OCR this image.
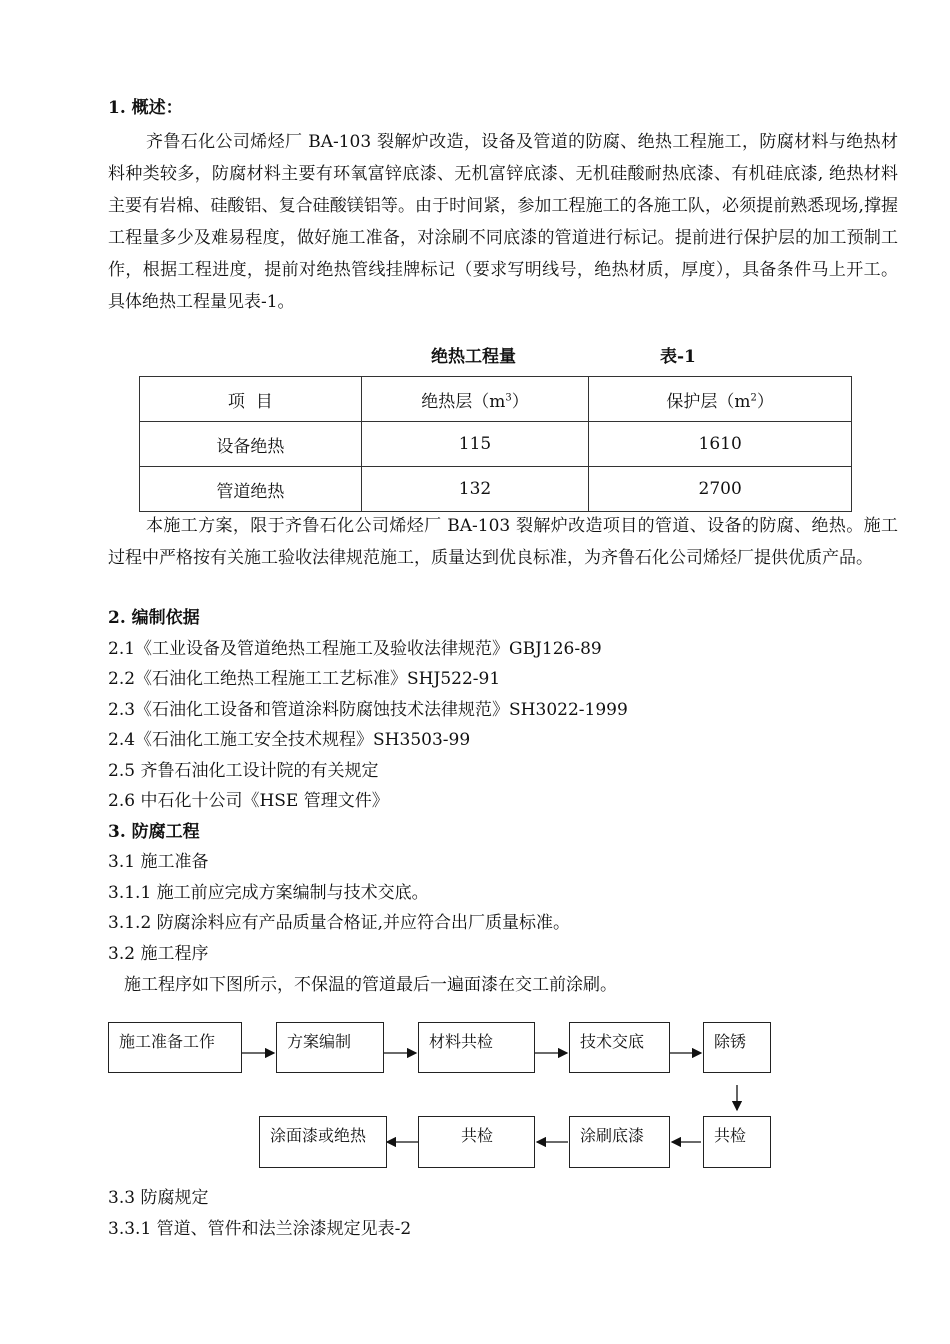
1. 概述：
齐鲁石化公司烯烃厂 BA-103 裂解炉改造，设备及管道的防腐、绝热工程施工，防腐材料与绝热材料种类较多，防腐材料主要有环氧富锌底漆、无机富锌底漆、无机硅酸耐热底漆、有机硅底漆, 绝热材料主要有岩棉、硅酸铝、复合硅酸镁铝等。由于时间紧，参加工程施工的各施工队，必须提前熟悉现场,撑握工程量多少及难易程度，做好施工准备，对涂刷不同底漆的管道进行标记。提前进行保护层的加工预制工作，根据工程进度，提前对绝热管线挂牌标记（要求写明线号，绝热材质，厚度），具备条件马上开工。具体绝热工程量见表-1。
绝热工程量	表-1
项  目	绝热层$(m^3)$	保护层$(m^2)$
设备绝热	115	1610
管道绝热	132	2700
本施工方案，限于齐鲁石化公司烯烃厂 BA-103 裂解炉改造项目的管道、设备的防腐、绝热。施工过程中严格按有关施工验收法律规范施工，质量达到优良标准，为齐鲁石化公司烯烃厂提供优质产品。
2. 编制依据
2.1《工业设备及管道绝热工程施工及验收法律规范》GBJ126-89
2.2《石油化工绝热工程施工工艺标准》SHJ522-91
2.3《石油化工设备和管道涂料防腐蚀技术法律规范》SH3022-1999
2.4《石油化工施工安全技术规程》SH3503-99
2.5 齐鲁石油化工设计院的有关规定
2.6 中石化十公司《HSE 管理文件》
3. 防腐工程
3.1 施工准备
3.1.1 施工前应完成方案编制与技术交底。
3.1.2 防腐涂料应有产品质量合格证,并应符合出厂质量标准。
3.2 施工程序
施工程序如下图所示，不保温的管道最后一遍面漆在交工前涂刷。
施工准备工作	方案编制	材料共检	技术交底	除锈
涂面漆或绝热	共检	涂刷底漆	共检
3.3 防腐规定
3.3.1 管道、管件和法兰涂漆规定见表-2
